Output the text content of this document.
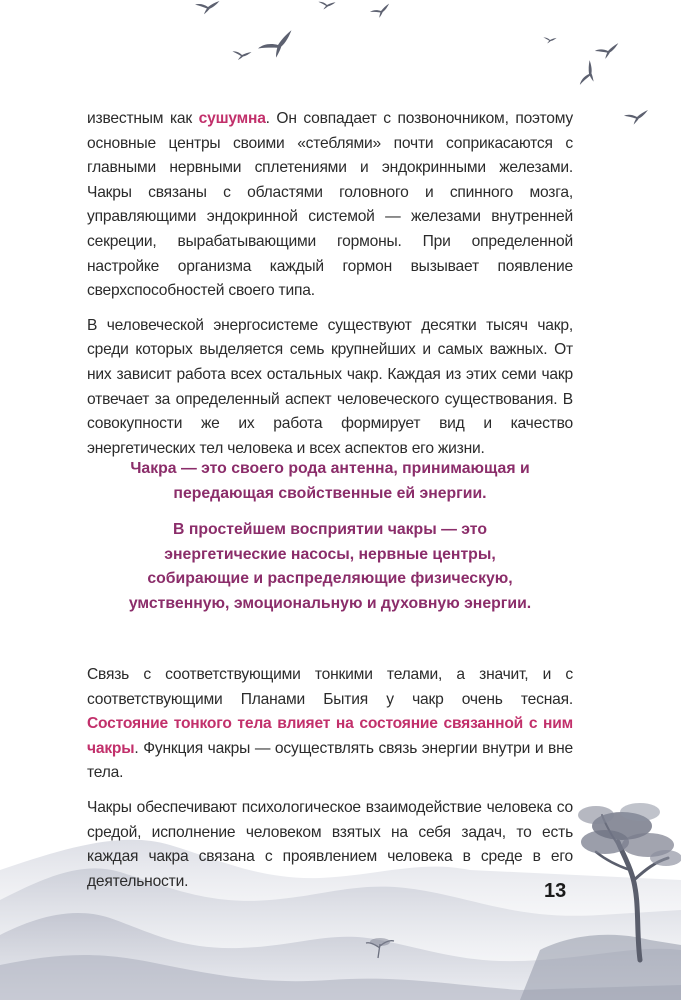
известным как сушумна. Он совпадает с позвоночником, поэтому основные центры своими «стеблями» почти соприкасаются с главными нервными сплетениями и эндокринными железами. Чакры связаны с областями головного и спинного мозга, управляющими эндокринной системой — железами внутренней секреции, вырабатывающими гормоны. При определенной настройке организма каждый гормон вызывает появление сверхспособностей своего типа.

В человеческой энергосистеме существуют десятки тысяч чакр, среди которых выделяется семь крупнейших и самых важных. От них зависит работа всех остальных чакр. Каждая из этих семи чакр отвечает за определенный аспект человеческого существования. В совокупности же их работа формирует вид и качество энергетических тел человека и всех аспектов его жизни.

Чакра — это своего рода антенна, принимающая и передающая свойственные ей энергии.

В простейшем восприятии чакры — это энергетические насосы, нервные центры, собирающие и распределяющие физическую, умственную, эмоциональную и духовную энергии.

Связь с соответствующими тонкими телами, а значит, и с соответствующими Планами Бытия у чакр очень тесная. Состояние тонкого тела влияет на состояние связанной с ним чакры. Функция чакры — осуществлять связь энергии внутри и вне тела.

Чакры обеспечивают психологическое взаимодействие человека со средой, исполнение человеком взятых на себя задач, то есть каждая чакра связана с проявлением человека в среде в его деятельности.	13
